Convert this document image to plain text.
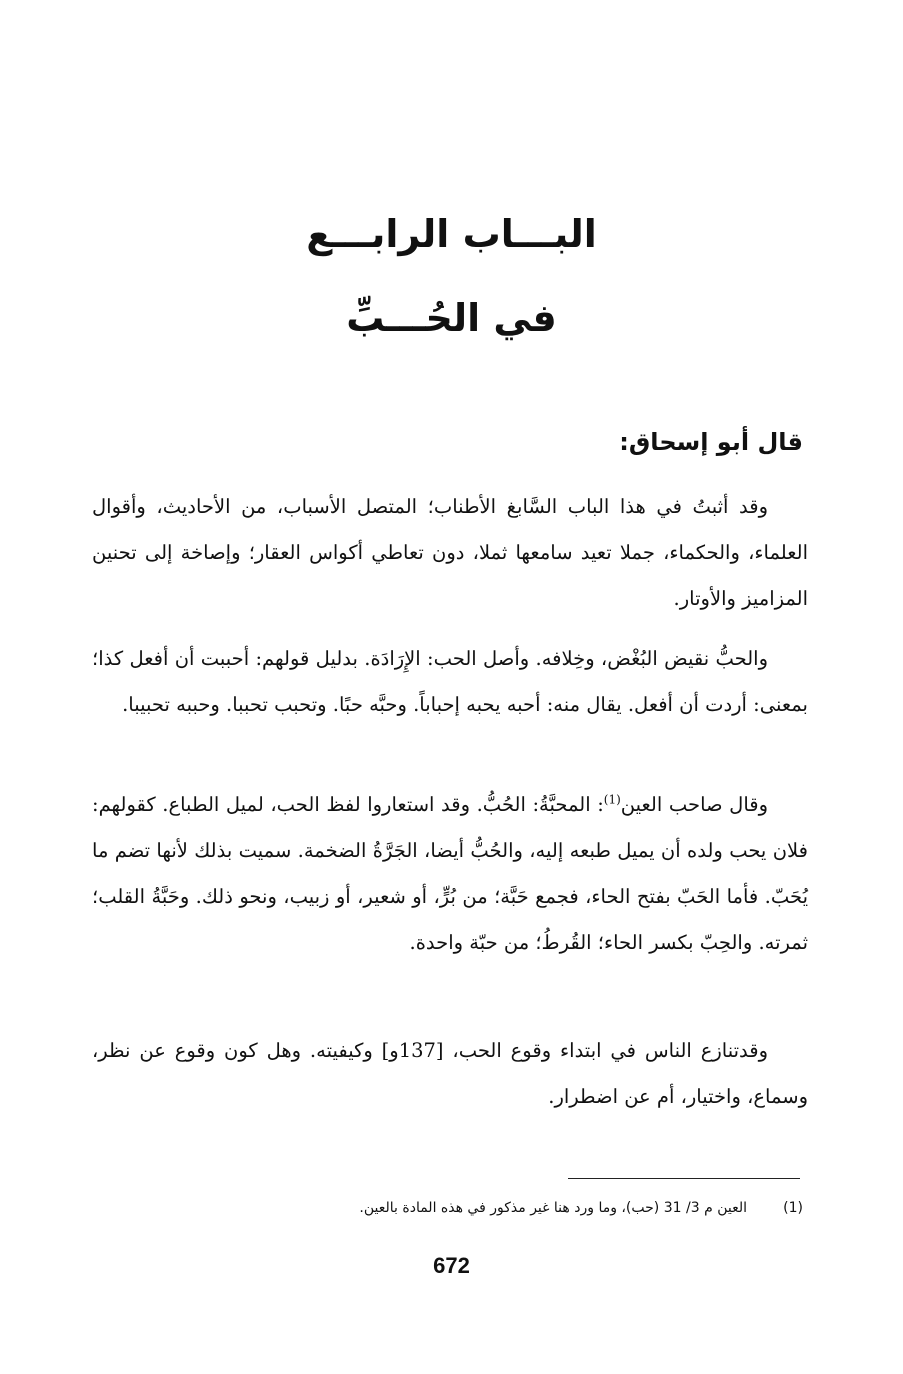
البـــاب الرابـــع
في الحُـــبِّ
قال أبو إسحاق:
وقد أثبتُ في هذا الباب السَّابغ الأطناب؛ المتصل الأسباب، من الأحاديث، وأقوال العلماء، والحكماء، جملا تعيد سامعها ثملا، دون تعاطي أكواس العقار؛ وإصاخة إلى تحنين المزاميز والأوتار.
والحبُّ نقيض البُغْض، وخِلافه. وأصل الحب: الإِرَادَة. بدليل قولهم: أحببت أن أفعل كذا؛ بمعنى: أردت أن أفعل. يقال منه: أحبه يحبه إحباباً. وحبَّه حبًا. وتحبب تحببا. وحببه تحبيبا.
وقال صاحب العين$^{(1)}$: المحبَّةُ: الحُبُّ. وقد استعاروا لفظ الحب، لميل الطباع. كقولهم: فلان يحب ولده أن يميل طبعه إليه، والحُبُّ أيضا، الجَرَّةُ الضخمة. سميت بذلك لأنها تضم ما يُحَبّ. فأما الحَبّ بفتح الحاء، فجمع حَبَّة؛ من بُرٍّ، أو شعير، أو زبيب، ونحو ذلك. وحَبَّةُ القلب؛ ثمرته. والحِبّ بكسر الحاء؛ القُرطُ؛ من حبّة واحدة.
وقدتنازع الناس في ابتداء وقوع الحب، [137و] وكيفيته. وهل كون وقوع عن نظر، وسماع، واختيار، أم عن اضطرار.
(1)العين م 3/ 31 (حب)، وما ورد هنا غير مذكور في هذه المادة بالعين.
672
